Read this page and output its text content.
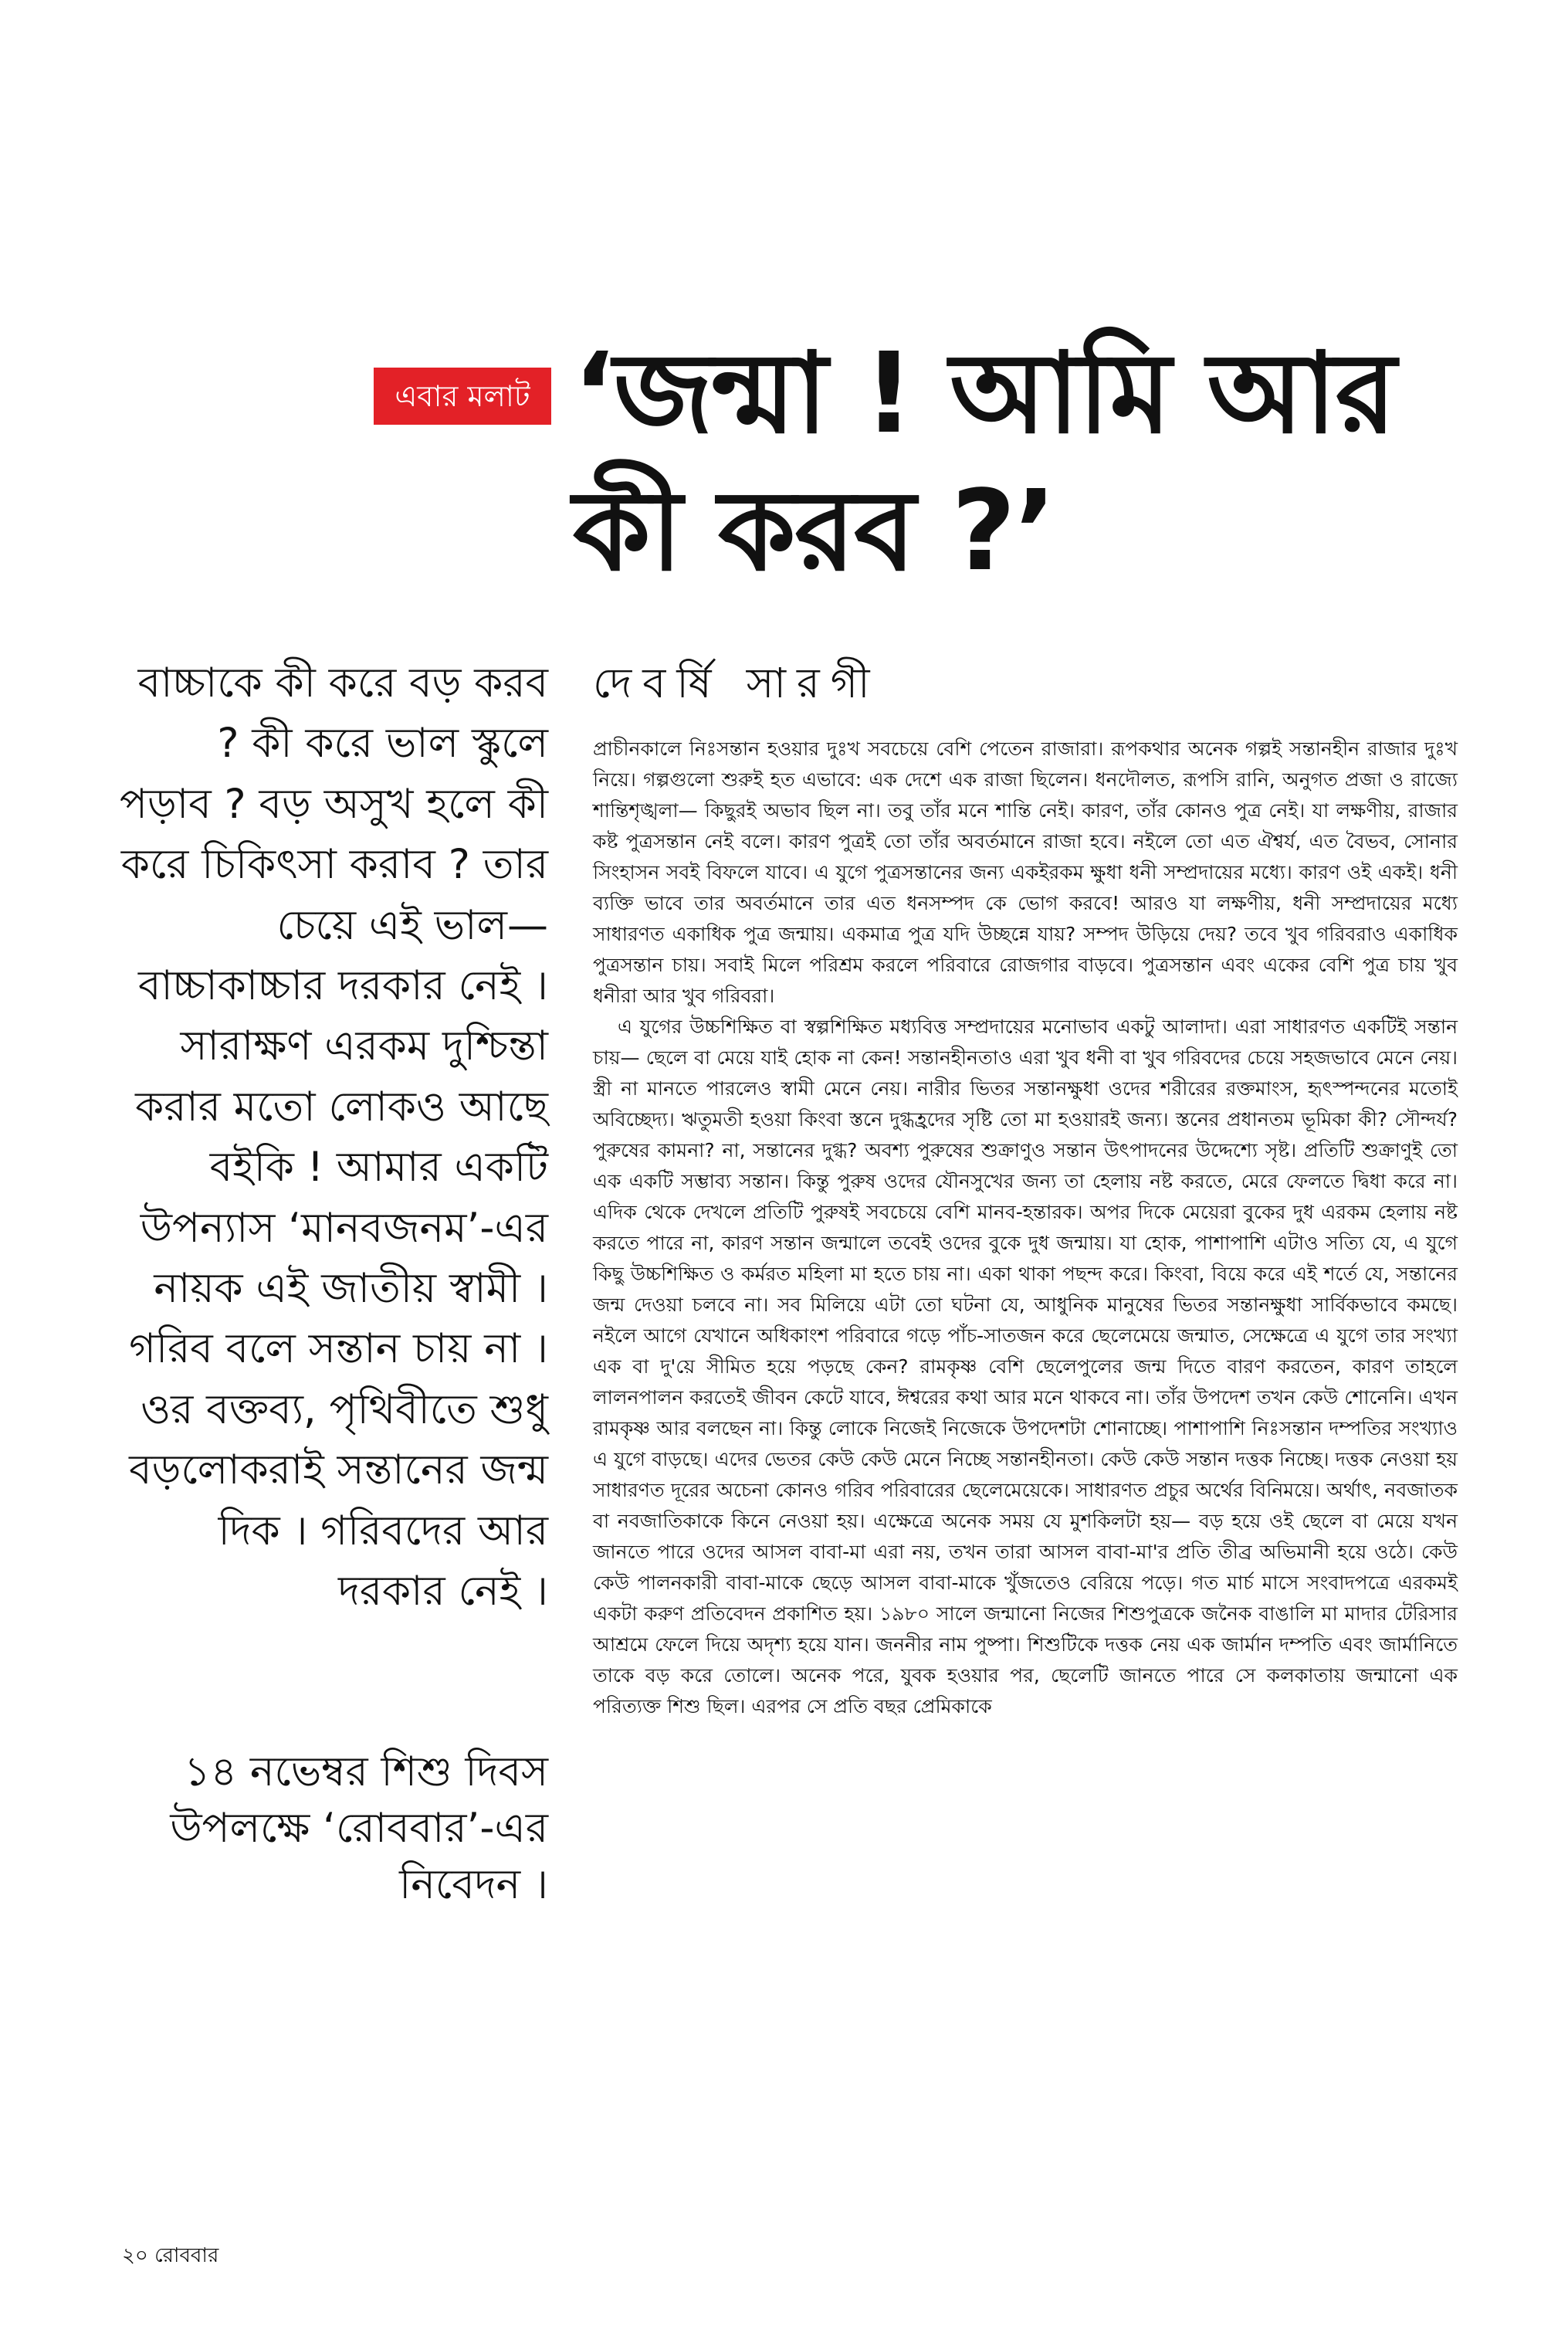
এবার মলাট ‘জন্মা ! আমি আর কী করব ?’

বাচ্চাকে কী করে বড় করব ? কী করে ভাল স্কুলে পড়াব ? বড় অসুখ হলে কী করে চিকিৎসা করাব ? তার চেয়ে এই ভাল— বাচ্চাকাচ্চার দরকার নেই । সারাক্ষণ এরকম দুশ্চিন্তা করার মতো লোকও আছে বইকি ! আমার একটি উপন্যাস ‘মানবজনম’-এর নায়ক এই জাতীয় স্বামী । গরিব বলে সন্তান চায় না । ওর বক্তব্য, পৃথিবীতে শুধু বড়লোকরাই সন্তানের জন্ম দিক । গরিবদের আর দরকার নেই ।

১৪ নভেম্বর শিশু দিবস উপলক্ষে ‘রোববার’-এর নিবেদন ।

দেবর্ষি সারগী

প্রাচীনকালে নিঃসন্তান হওয়ার দুঃখ সবচেয়ে বেশি পেতেন রাজারা। রূপকথার অনেক গল্পই সন্তানহীন রাজার দুঃখ নিয়ে। গল্পগুলো শুরুই হত এভাবে: এক দেশে এক রাজা ছিলেন। ধনদৌলত, রূপসি রানি, অনুগত প্রজা ও রাজ্যে শান্তিশৃঙ্খলা— কিছুরই অভাব ছিল না। তবু তাঁর মনে শান্তি নেই। কারণ, তাঁর কোনও পুত্র নেই। যা লক্ষণীয়, রাজার কষ্ট পুত্রসন্তান নেই বলে। কারণ পুত্রই তো তাঁর অবর্তমানে রাজা হবে। নইলে তো এত ঐশ্বর্য, এত বৈভব, সোনার সিংহাসন সবই বিফলে যাবে। এ যুগে পুত্রসন্তানের জন্য একইরকম ক্ষুধা ধনী সম্প্রদায়ের মধ্যে। কারণ ওই একই। ধনী ব্যক্তি ভাবে তার অবর্তমানে তার এত ধনসম্পদ কে ভোগ করবে! আরও যা লক্ষণীয়, ধনী সম্প্রদায়ের মধ্যে সাধারণত একাধিক পুত্র জন্মায়। একমাত্র পুত্র যদি উচ্ছন্নে যায়? সম্পদ উড়িয়ে দেয়? তবে খুব গরিবরাও একাধিক পুত্রসন্তান চায়। সবাই মিলে পরিশ্রম করলে পরিবারে রোজগার বাড়বে। পুত্রসন্তান এবং একের বেশি পুত্র চায় খুব ধনীরা আর খুব গরিবরা।

এ যুগের উচ্চশিক্ষিত বা স্বল্পশিক্ষিত মধ্যবিত্ত সম্প্রদায়ের মনোভাব একটু আলাদা। এরা সাধারণত একটিই সন্তান চায়— ছেলে বা মেয়ে যাই হোক না কেন! সন্তানহীনতাও এরা খুব ধনী বা খুব গরিবদের চেয়ে সহজভাবে মেনে নেয়। স্ত্রী না মানতে পারলেও স্বামী মেনে নেয়। নারীর ভিতর সন্তানক্ষুধা ওদের শরীরের রক্তমাংস, হৃৎস্পন্দনের মতোই অবিচ্ছেদ্য। ঋতুমতী হওয়া কিংবা স্তনে দুগ্ধহ্রদের সৃষ্টি তো মা হওয়ারই জন্য। স্তনের প্রধানতম ভূমিকা কী? সৌন্দর্য? পুরুষের কামনা? না, সন্তানের দুগ্ধ? অবশ্য পুরুষের শুক্রাণুও সন্তান উৎপাদনের উদ্দেশ্যে সৃষ্ট। প্রতিটি শুক্রাণুই তো এক একটি সম্ভাব্য সন্তান। কিন্তু পুরুষ ওদের যৌনসুখের জন্য তা হেলায় নষ্ট করতে, মেরে ফেলতে দ্বিধা করে না। এদিক থেকে দেখলে প্রতিটি পুরুষই সবচেয়ে বেশি মানব-হন্তারক। অপর দিকে মেয়েরা বুকের দুধ এরকম হেলায় নষ্ট করতে পারে না, কারণ সন্তান জন্মালে তবেই ওদের বুকে দুধ জন্মায়। যা হোক, পাশাপাশি এটাও সত্যি যে, এ যুগে কিছু উচ্চশিক্ষিত ও কর্মরত মহিলা মা হতে চায় না। একা থাকা পছন্দ করে। কিংবা, বিয়ে করে এই শর্তে যে, সন্তানের জন্ম দেওয়া চলবে না। সব মিলিয়ে এটা তো ঘটনা যে, আধুনিক মানুষের ভিতর সন্তানক্ষুধা সার্বিকভাবে কমছে। নইলে আগে যেখানে অধিকাংশ পরিবারে গড়ে পাঁচ-সাতজন করে ছেলেমেয়ে জন্মাত, সেক্ষেত্রে এ যুগে তার সংখ্যা এক বা দু'য়ে সীমিত হয়ে পড়ছে কেন? রামকৃষ্ণ বেশি ছেলেপুলের জন্ম দিতে বারণ করতেন, কারণ তাহলে লালনপালন করতেই জীবন কেটে যাবে, ঈশ্বরের কথা আর মনে থাকবে না। তাঁর উপদেশ তখন কেউ শোনেনি। এখন রামকৃষ্ণ আর বলছেন না। কিন্তু লোকে নিজেই নিজেকে উপদেশটা শোনাচ্ছে। পাশাপাশি নিঃসন্তান দম্পতির সংখ্যাও এ যুগে বাড়ছে। এদের ভেতর কেউ কেউ মেনে নিচ্ছে সন্তানহীনতা। কেউ কেউ সন্তান দত্তক নিচ্ছে। দত্তক নেওয়া হয় সাধারণত দূরের অচেনা কোনও গরিব পরিবারের ছেলেমেয়েকে। সাধারণত প্রচুর অর্থের বিনিময়ে। অর্থাৎ, নবজাতক বা নবজাতিকাকে কিনে নেওয়া হয়। এক্ষেত্রে অনেক সময় যে মুশকিলটা হয়— বড় হয়ে ওই ছেলে বা মেয়ে যখন জানতে পারে ওদের আসল বাবা-মা এরা নয়, তখন তারা আসল বাবা-মা'র প্রতি তীব্র অভিমানী হয়ে ওঠে। কেউ কেউ পালনকারী বাবা-মাকে ছেড়ে আসল বাবা-মাকে খুঁজতেও বেরিয়ে পড়ে। গত মার্চ মাসে সংবাদপত্রে এরকমই একটা করুণ প্রতিবেদন প্রকাশিত হয়। ১৯৮০ সালে জন্মানো নিজের শিশুপুত্রকে জনৈক বাঙালি মা মাদার টেরিসার আশ্রমে ফেলে দিয়ে অদৃশ্য হয়ে যান। জননীর নাম পুষ্পা। শিশুটিকে দত্তক নেয় এক জার্মান দম্পতি এবং জার্মানিতে তাকে বড় করে তোলে। অনেক পরে, যুবক হওয়ার পর, ছেলেটি জানতে পারে সে কলকাতায় জন্মানো এক পরিত্যক্ত শিশু ছিল। এরপর সে প্রতি বছর প্রেমিকাকে

২০ রোববার
